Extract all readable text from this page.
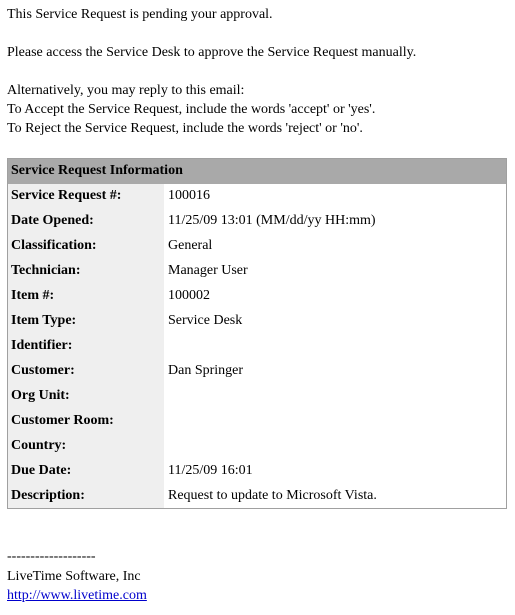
This Service Request is pending your approval.
Please access the Service Desk to approve the Service Request manually.
Alternatively, you may reply to this email:
To Accept the Service Request, include the words 'accept' or 'yes'.
To Reject the Service Request, include the words 'reject' or 'no'.
Service Request Information
Service Request #:	100016
Date Opened:	11/25/09 13:01 (MM/dd/yy HH:mm)
Classification:	General
Technician:	Manager User
Item #:	100002
Item Type:	Service Desk
Identifier:
Customer:	Dan Springer
Org Unit:
Customer Room:
Country:
Due Date:	11/25/09 16:01
Description:	Request to update to Microsoft Vista.
-------------------
LiveTime Software, Inc
http://www.livetime.com
